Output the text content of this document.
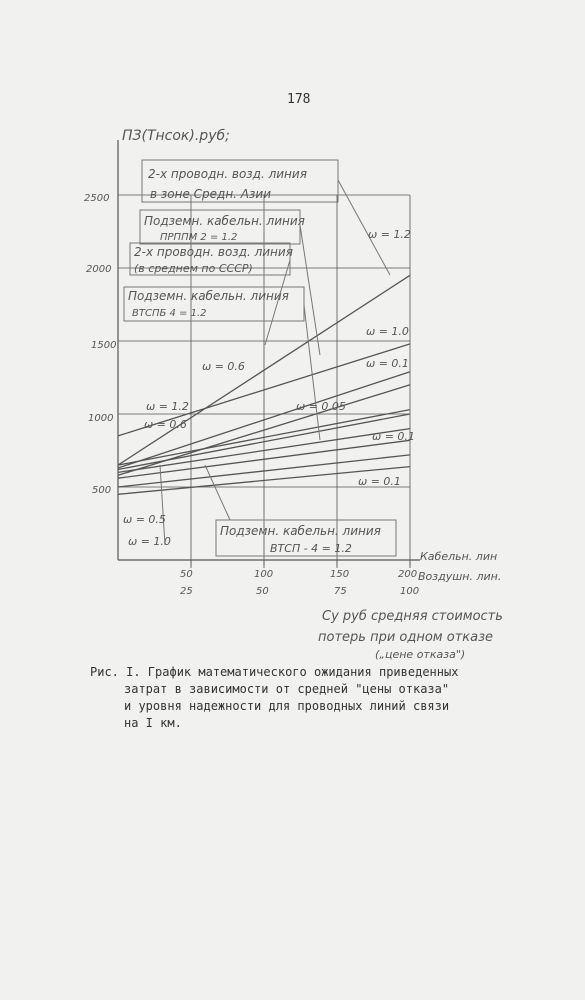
178
ПЗ(Тнсок).руб;
2500
2000
1500
1000
500
50	100	150	200
25	50	75	100
Кабельн. лин
Воздушн. лин.
2-х проводн. возд. линия
в зоне Средн. Азии
Подземн. кабельн. линия
ПРППМ 2 = 1.2
2-х проводн. возд. линия
(в среднем по СССР)
Подземн. кабельн. линия
ВТСПБ 4 = 1.2
Подземн. кабельн. линия
ВТСП - 4 = 1.2
ω = 1.2
ω = 1.0
ω = 0.1
ω = 0.6
ω = 0.05
ω = 1.2
ω = 0.6
ω = 0.1
ω = 0.5
ω = 1.0
ω = 0.1
Су руб средняя стоимость
потерь при одном отказе
(„цене отказа")
Рис. I. График математического ожидания приведенных
затрат в зависимости от средней "цены отказа"
и уровня надежности для проводных линий связи
на I км.
